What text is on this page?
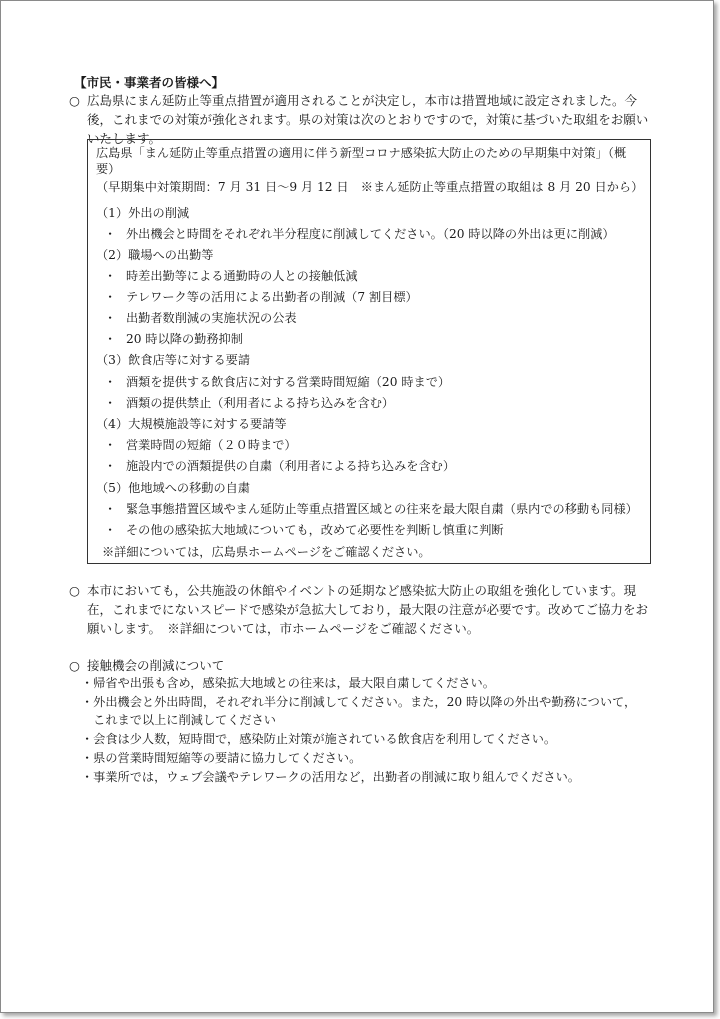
【市民・事業者の皆様へ】
○ 広島県にまん延防止等重点措置が適用されることが決定し，本市は措置地域に設定されました。今
後，これまでの対策が強化されます。県の対策は次のとおりですので，対策に基づいた取組をお願い
いたします。
広島県「まん延防止等重点措置の適用に伴う新型コロナ感染拡大防止のための早期集中対策」（概
要）
（早期集中対策期間：7 月 31 日～9 月 12 日　※まん延防止等重点措置の取組は 8 月 20 日から）
（1）外出の削減
・ 外出機会と時間をそれぞれ半分程度に削減してください。（20 時以降の外出は更に削減）
（2）職場への出勤等
・ 時差出勤等による通勤時の人との接触低減
・ テレワーク等の活用による出勤者の削減（7 割目標）
・ 出勤者数削減の実施状況の公表
・ 20 時以降の勤務抑制
（3）飲食店等に対する要請
・ 酒類を提供する飲食店に対する営業時間短縮（20 時まで）
・ 酒類の提供禁止（利用者による持ち込みを含む）
（4）大規模施設等に対する要請等
・ 営業時間の短縮（２０時まで）
・ 施設内での酒類提供の自粛（利用者による持ち込みを含む）
（5）他地域への移動の自粛
・ 緊急事態措置区域やまん延防止等重点措置区域との往来を最大限自粛（県内での移動も同様）
・ その他の感染拡大地域についても，改めて必要性を判断し慎重に判断
※詳細については，広島県ホームページをご確認ください。
○ 本市においても，公共施設の休館やイベントの延期など感染拡大防止の取組を強化しています。現
在，これまでにないスピードで感染が急拡大しており，最大限の注意が必要です。改めてご協力をお
願いします。　※詳細については，市ホームページをご確認ください。
○ 接触機会の削減について
・帰省や出張も含め，感染拡大地域との往来は，最大限自粛してください。
・外出機会と外出時間，それぞれ半分に削減してください。また，20 時以降の外出や勤務について，
　これまで以上に削減してください
・会食は少人数，短時間で，感染防止対策が施されている飲食店を利用してください。
・県の営業時間短縮等の要請に協力してください。
・事業所では，ウェブ会議やテレワークの活用など，出勤者の削減に取り組んでください。
